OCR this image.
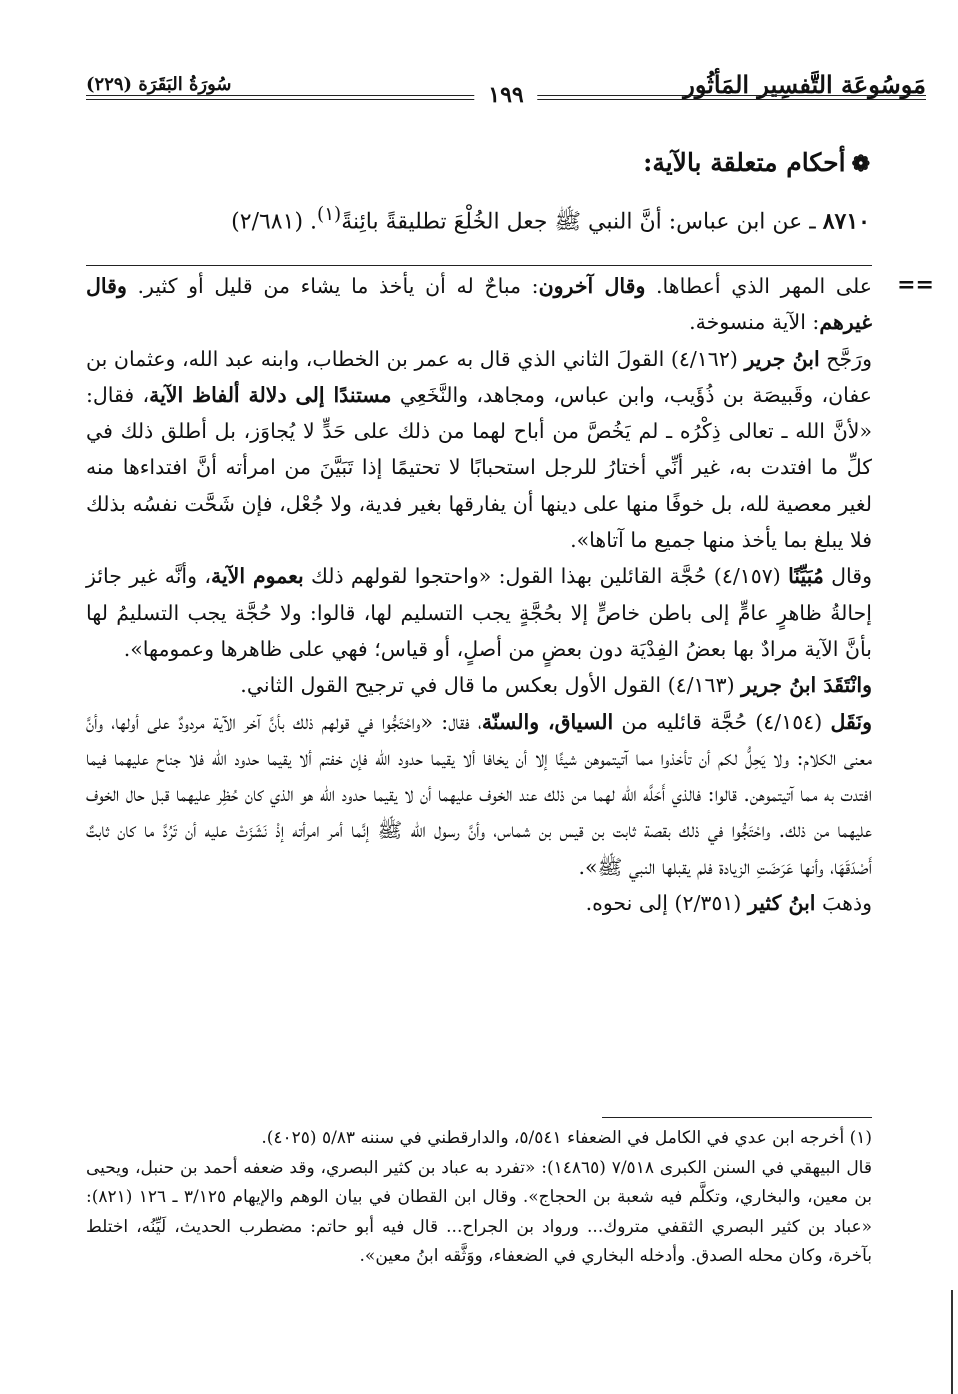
مَوسُوعَة التَّفسِير المَأثُور
سُورَةُ البَقَرَة (٢٢٩)	١٩٩
❁أحكام متعلقة بالآية:
٨٧١٠ ـ عن ابن عباس: أنَّ النبي ﷺ جعل الخُلْعَ تطليقةً بائِنةً$^{(١)}$. (٢/٦٨١)
==

على المهر الذي أعطاها. وقال آخرون: مباحٌ له أن يأخذ ما يشاء من قليل أو كثير. وقال غيرهم: الآية منسوخة.

ورَجَّح ابنُ جرير (٤/١٦٢) القولَ الثاني الذي قال به عمر بن الخطاب، وابنه عبد الله، وعثمان بن عفان، وقَبيصَة بن ذُؤَيب، وابن عباس، ومجاهد، والنَّخَعِي مستندًا إلى دلالة ألفاظ الآية، فقال: «لأنَّ الله ـ تعالى ذِكْرُه ـ لم يَخُصَّ من أباح لهما من ذلك على حَدٍّ لا يُجاوَز، بل أطلق ذلك في كلِّ ما افتدت به، غير أنِّي أختارُ للرجل استحبابًا لا تحتيمًا إذا تَبَيَّنَ من امرأته أنَّ افتداءها منه لغير معصية لله، بل خوفًا منها على دينها أن يفارقها بغير فدية، ولا جُعْل، فإن شَحَّت نفسُه بذلك فلا يبلغ بما يأخذ منها جميع ما آتاها».

وقال مُبَيِّنًا (٤/١٥٧) حُجَّة القائلين بهذا القول: «واحتجوا لقولهم ذلك بعموم الآية، وأنَّه غير جائز إحالةُ ظاهرٍ عامٍّ إلى باطن خاصٍّ إلا بحُجَّةٍ يجب التسليم لها، قالوا: ولا حُجَّة يجب التسليمُ لها بأنَّ الآية مرادٌ بها بعضُ الفِدْيَة دون بعضٍ من أصلٍ، أو قياس؛ فهي على ظاهرها وعمومها».

وانْتَقَدَ ابنُ جرير (٤/١٦٣) القول الأول بعكس ما قال في ترجيح القول الثاني.

ونَقَل (٤/١٥٤) حُجَّة قائليه من السياق، والسنّة، فقال: «واحْتَجُّوا في قولهم ذلك بأنَّ آخر الآية مردودٌ على أولها، وأنَّ معنى الكلام: ولا يَحِلُّ لكم أن تأخذوا مما آتيتموهن شيئًا إلا أن يخافا ألا يقيما حدود الله فإن خفتم ألا يقيما حدود الله فلا جناح عليهما فيما افتدت به مما آتيتموهن. قالوا: فالذي أَحَلَّه الله لهما من ذلك عند الخوف عليهما أن لا يقيما حدود الله هو الذي كان حُظِر عليهما قبل حال الخوف عليهما من ذلك. واحْتَجُّوا في ذلك بقصة ثابت بن قيس بن شماس، وأنَّ رسول الله ﷺ إنَّما أمر امرأته إذْ نَشَزَتْ عليه أن تَرُدَّ ما كان ثابتٌ أَصْدَقَهَا، وأنها عَرَضَتِ الزيادة فلم يقبلها النبي ﷺ».

وذهبَ ابنُ كثير (٢/٣٥١) إلى نحوه.

(١) أخرجه ابن عدي في الكامل في الضعفاء ٥/٥٤١، والدارقطني في سننه ٥/٨٣ (٤٠٢٥).

قال البيهقي في السنن الكبرى ٧/٥١٨ (١٤٨٦٥): «تفرد به عباد بن كثير البصري، وقد ضعفه أحمد بن حنبل، ويحيى بن معين، والبخاري، وتكلَّم فيه شعبة بن الحجاج». وقال ابن القطان في بيان الوهم والإيهام ٣/١٢٥ ـ ١٢٦ (٨٢١): «عباد بن كثير البصري الثقفي متروك... ورواد بن الجراح... قال فيه أبو حاتم: مضطرب الحديث، لَيِّنُه، اختلط بآخرة، وكان محله الصدق. وأدخله البخاري في الضعفاء، ووَثَّقه ابنُ معين».
